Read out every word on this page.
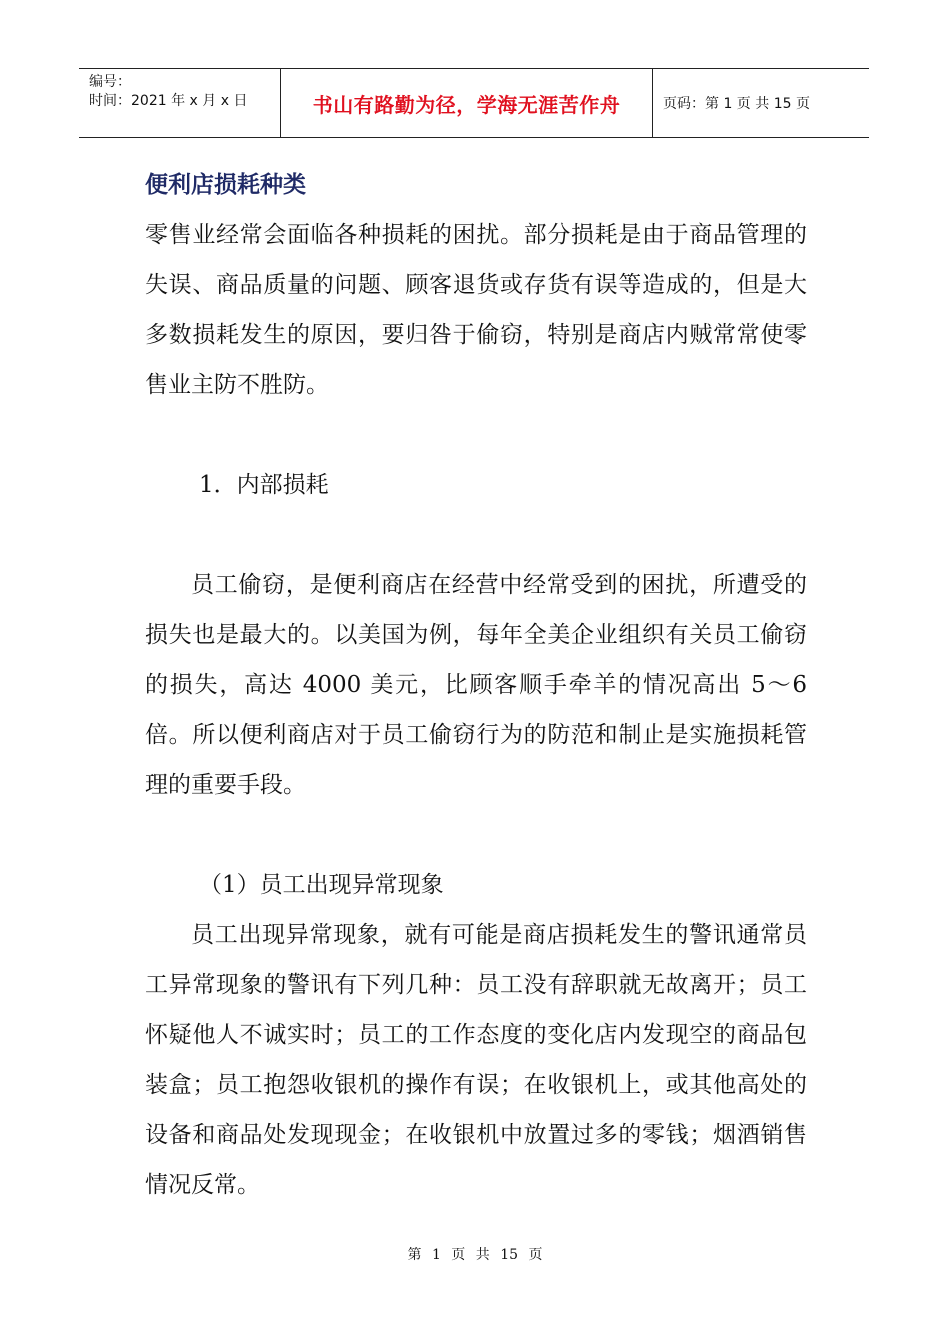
编号：
时间：2021 年 x 月 x 日	书山有路勤为径，学海无涯苦作舟	页码：第 1 页 共 15 页
便利店损耗种类

零售业经常会面临各种损耗的困扰。部分损耗是由于商品管理的失误、商品质量的问题、顾客退货或存货有误等造成的，但是大多数损耗发生的原因，要归咎于偷窃，特别是商店内贼常常使零售业主防不胜防。

1．内部损耗

员工偷窃，是便利商店在经营中经常受到的困扰，所遭受的损失也是最大的。以美国为例，每年全美企业组织有关员工偷窃的损失，高达 4000 美元，比顾客顺手牵羊的情况高出 5～6 倍。所以便利商店对于员工偷窃行为的防范和制止是实施损耗管理的重要手段。

（1）员工出现异常现象

员工出现异常现象，就有可能是商店损耗发生的警讯通常员工异常现象的警讯有下列几种：员工没有辞职就无故离开；员工怀疑他人不诚实时；员工的工作态度的变化店内发现空的商品包装盒；员工抱怨收银机的操作有误；在收银机上，或其他高处的设备和商品处发现现金；在收银机中放置过多的零钱；烟酒销售情况反常。

第 1 页 共 15 页
